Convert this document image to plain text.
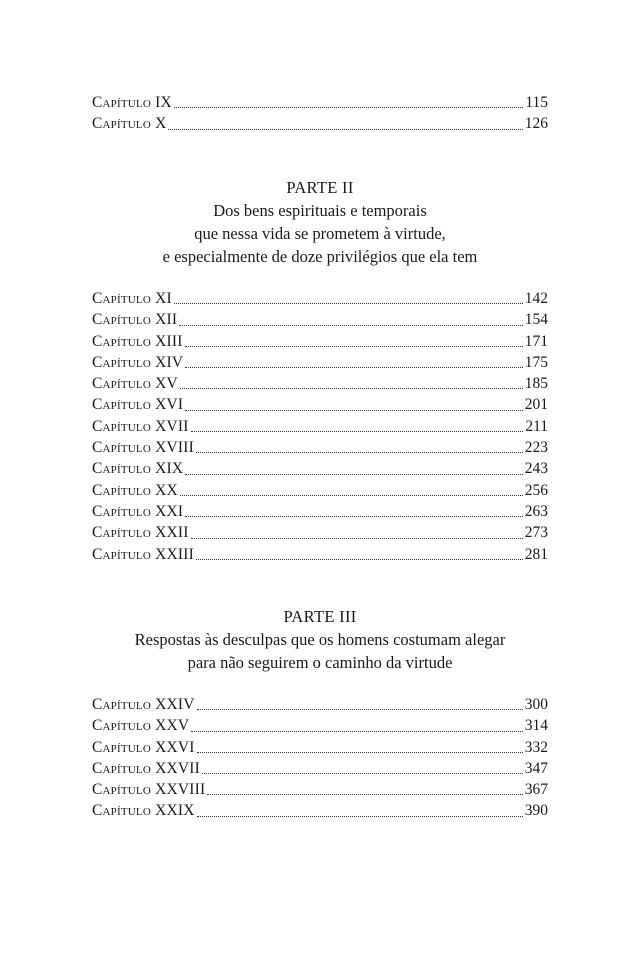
Capítulo IX	115
Capítulo X	126
PARTE II
Dos bens espirituais e temporais
que nessa vida se prometem à virtude,
e especialmente de doze privilégios que ela tem
Capítulo XI	142
Capítulo XII	154
Capítulo XIII	171
Capítulo XIV	175
Capítulo XV	185
Capítulo XVI	201
Capítulo XVII	211
Capítulo XVIII	223
Capítulo XIX	243
Capítulo XX	256
Capítulo XXI	263
Capítulo XXII	273
Capítulo XXIII	281
PARTE III
Respostas às desculpas que os homens costumam alegar
para não seguirem o caminho da virtude
Capítulo XXIV	300
Capítulo XXV	314
Capítulo XXVI	332
Capítulo XXVII	347
Capítulo XXVIII	367
Capítulo XXIX	390
